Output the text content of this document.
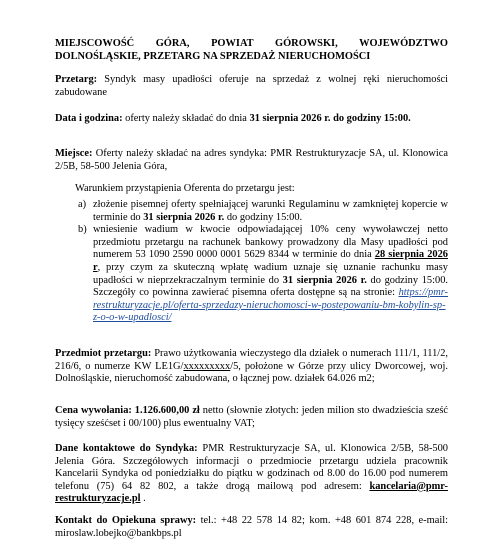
MIEJSCOWOŚĆ GÓRA, POWIAT GÓROWSKI, WOJEWÓDZTWO
DOLNOŚLĄSKIE, PRZETARG NA SPRZEDAŻ NIERUCHOMOŚCI
Przetarg: Syndyk masy upadłości oferuje na sprzedaż z wolnej ręki nieruchomości zabudowane
Data i godzina: oferty należy składać do dnia 31 sierpnia 2026 r. do godziny 15:00.
Miejsce: Oferty należy składać na adres syndyka: PMR Restrukturyzacje SA, ul. Klonowica 2/5B, 58-500 Jelenia Góra,
Warunkiem przystąpienia Oferenta do przetargu jest:
a) złożenie pisemnej oferty spełniającej warunki Regulaminu w zamkniętej kopercie w terminie do 31 sierpnia 2026 r. do godziny 15:00.
b) wniesienie wadium w kwocie odpowiadającej 10% ceny wywoławczej netto przedmiotu przetargu na rachunek bankowy prowadzony dla Masy upadłości pod numerem 53 1090 2590 0000 0001 5629 8344 w terminie do dnia 28 sierpnia 2026 r, przy czym za skuteczną wpłatę wadium uznaje się uznanie rachunku masy upadłości w nieprzekraczalnym terminie do 31 sierpnia 2026 r. do godziny 15:00. Szczegóły co powinna zawierać pisemna oferta dostępne są na stronie: https://pmr-restrukturyzacje.pl/oferta-sprzedazy-nieruchomosci-w-postepowaniu-bm-kobylin-sp-z-o-o-w-upadlosci/
Przedmiot przetargu: Prawo użytkowania wieczystego dla działek o numerach 111/1, 111/2, 216/6, o numerze KW LE1G/xxxxxxxxx/5, położone w Górze przy ulicy Dworcowej, woj. Dolnośląskie, nieruchomość zabudowana, o łącznej pow. działek 64.026 m2;
Cena wywołania: 1.126.600,00 zł netto (słownie złotych: jeden milion sto dwadzieścia sześć tysięcy sześćset i 00/100) plus ewentualny VAT;
Dane kontaktowe do Syndyka: PMR Restrukturyzacje SA, ul. Klonowica 2/5B, 58-500 Jelenia Góra. Szczegółowych informacji o przedmiocie przetargu udziela pracownik Kancelarii Syndyka od poniedziałku do piątku w godzinach od 8.00 do 16.00 pod numerem telefonu (75) 64 82 802, a także drogą mailową pod adresem: kancelaria@pmr-restrukturyzacje.pl .
Kontakt do Opiekuna sprawy: tel.: +48 22 578 14 82; kom. +48 601 874 228, e-mail: miroslaw.lobejko@bankbps.pl
